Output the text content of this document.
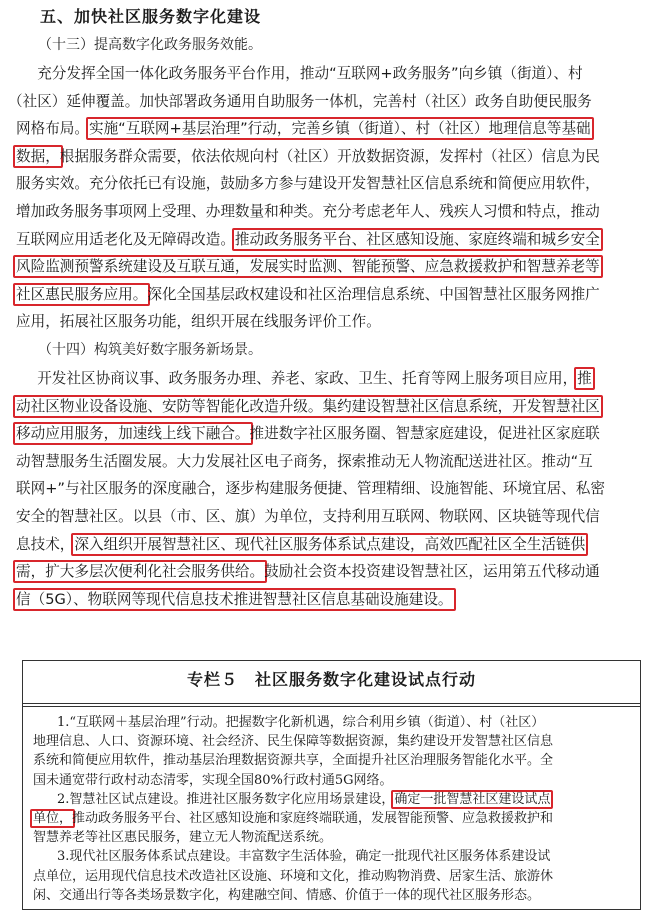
五、加快社区服务数字化建设
（十三）提高数字化政务服务效能。
　　充分发挥全国一体化政务服务平台作用，推动“互联网+政务服务”向乡镇（街道）、村
（社区）延伸覆盖。加快部署政务通用自助服务一体机，完善村（社区）政务自助便民服务
网格布局。实施“互联网+基层治理”行动，完善乡镇（街道）、村（社区）地理信息等基础
数据，根据服务群众需要，依法依规向村（社区）开放数据资源，发挥村（社区）信息为民
服务实效。充分依托已有设施，鼓励多方参与建设开发智慧社区信息系统和简便应用软件，
增加政务服务事项网上受理、办理数量和种类。充分考虑老年人、残疾人习惯和特点，推动
互联网应用适老化及无障碍改造。推动政务服务平台、社区感知设施、家庭终端和城乡安全
风险监测预警系统建设及互联互通，发展实时监测、智能预警、应急救援救护和智慧养老等
社区惠民服务应用。深化全国基层政权建设和社区治理信息系统、中国智慧社区服务网推广
应用，拓展社区服务功能，组织开展在线服务评价工作。
（十四）构筑美好数字服务新场景。
　　开发社区协商议事、政务服务办理、养老、家政、卫生、托育等网上服务项目应用，推
动社区物业设备设施、安防等智能化改造升级。集约建设智慧社区信息系统，开发智慧社区
移动应用服务，加速线上线下融合。推进数字社区服务圈、智慧家庭建设，促进社区家庭联
动智慧服务生活圈发展。大力发展社区电子商务，探索推动无人物流配送进社区。推动“互
联网+”与社区服务的深度融合，逐步构建服务便捷、管理精细、设施智能、环境宜居、私密
安全的智慧社区。以县（市、区、旗）为单位，支持利用互联网、物联网、区块链等现代信
息技术，深入组织开展智慧社区、现代社区服务体系试点建设，高效匹配社区全生活链供
需，扩大多层次便利化社会服务供给。鼓励社会资本投资建设智慧社区，运用第五代移动通
信（5G）、物联网等现代信息技术推进智慧社区信息基础设施建设。
专栏５　社区服务数字化建设试点行动
　　1.“互联网＋基层治理”行动。把握数字化新机遇，综合利用乡镇（街道）、村（社区）
地理信息、人口、资源环境、社会经济、民生保障等数据资源，集约建设开发智慧社区信息
系统和简便应用软件，推动基层治理数据资源共享，全面提升社区治理服务智能化水平。全
国未通宽带行政村动态清零，实现全国80%行政村通5G网络。
　　2.智慧社区试点建设。推进社区服务数字化应用场景建设，确定一批智慧社区建设试点
单位，推动政务服务平台、社区感知设施和家庭终端联通，发展智能预警、应急救援救护和
智慧养老等社区惠民服务，建立无人物流配送系统。
　　3.现代社区服务体系试点建设。丰富数字生活体验，确定一批现代社区服务体系建设试
点单位，运用现代信息技术改造社区设施、环境和文化，推动购物消费、居家生活、旅游休
闲、交通出行等各类场景数字化，构建融空间、情感、价值于一体的现代社区服务形态。
